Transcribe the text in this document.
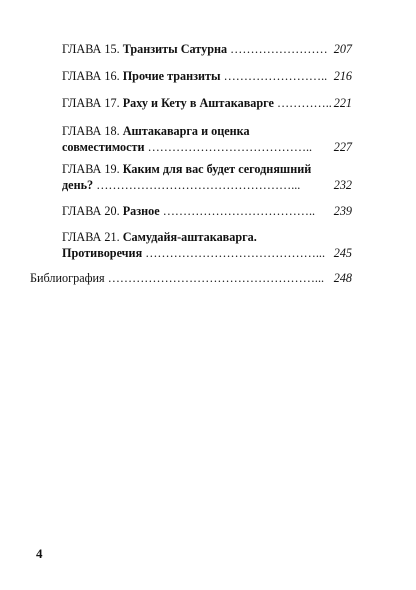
ГЛАВА 15. Транзиты Сатурна …………………… 207
ГЛАВА 16. Прочие транзиты …………………….. 216
ГЛАВА 17. Раху и Кету в Аштакаварге ………….. 221
ГЛАВА 18. Аштакаварга и оценка
совместимости ………………………………….. 227
ГЛАВА 19. Каким для вас будет сегодняшний
день? …………………………………………...	232
ГЛАВА 20. Разное ……………………………….. 239
ГЛАВА 21. Самудайя-аштакаварга.
Противоречия ……………………………………... 245
Библиография ……………………………………………... 248
4
